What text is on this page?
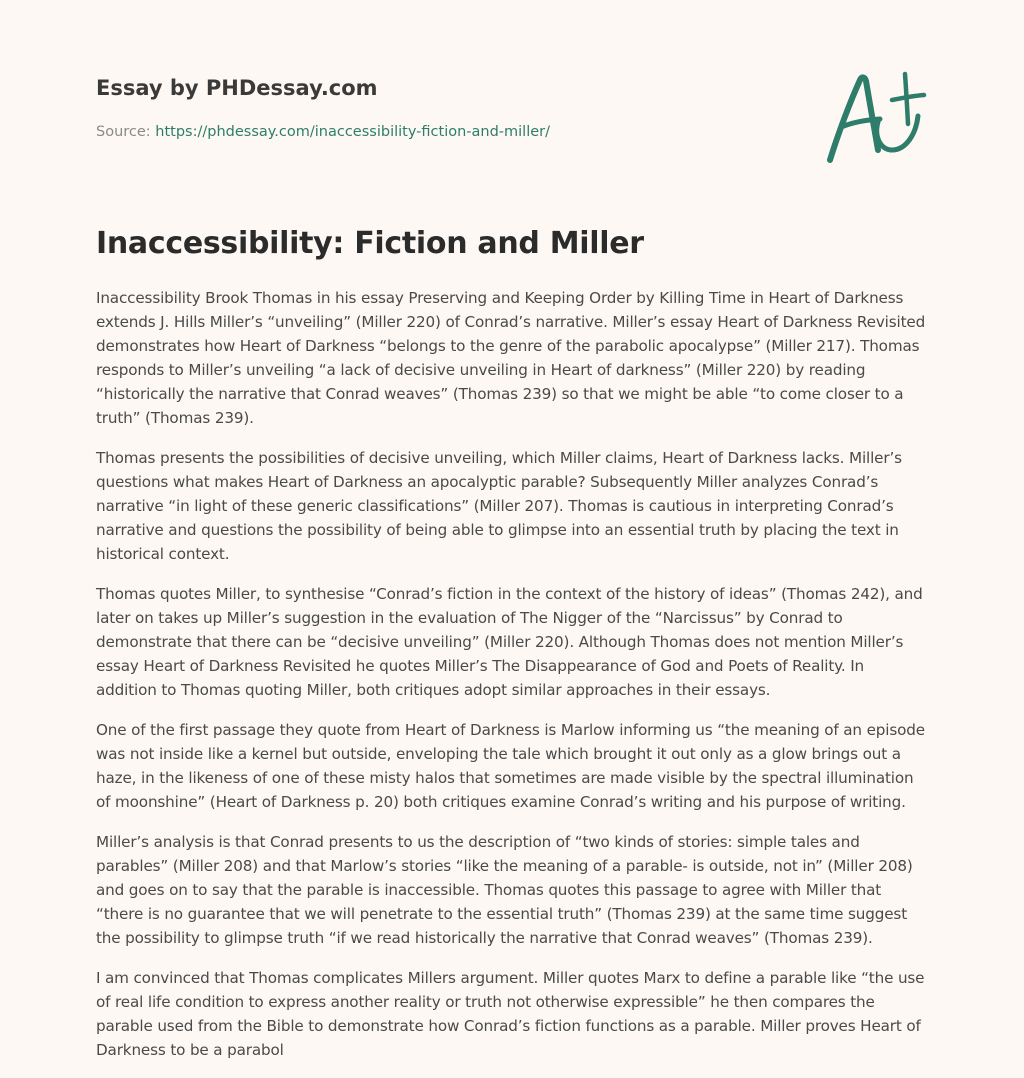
Essay by PHDessay.com
Source: https://phdessay.com/inaccessibility-fiction-and-miller/
Inaccessibility: Fiction and Miller

Inaccessibility Brook Thomas in his essay Preserving and Keeping Order by Killing Time in Heart of Darkness extends J. Hills Miller’s “unveiling” (Miller 220) of Conrad’s narrative. Miller’s essay Heart of Darkness Revisited demonstrates how Heart of Darkness “belongs to the genre of the parabolic apocalypse” (Miller 217). Thomas responds to Miller’s unveiling “a lack of decisive unveiling in Heart of darkness” (Miller 220) by reading “historically the narrative that Conrad weaves” (Thomas 239) so that we might be able “to come closer to a truth” (Thomas 239).

Thomas presents the possibilities of decisive unveiling, which Miller claims, Heart of Darkness lacks. Miller’s questions what makes Heart of Darkness an apocalyptic parable? Subsequently Miller analyzes Conrad’s narrative “in light of these generic classifications” (Miller 207). Thomas is cautious in interpreting Conrad’s narrative and questions the possibility of being able to glimpse into an essential truth by placing the text in historical context.

Thomas quotes Miller, to synthesise “Conrad’s fiction in the context of the history of ideas” (Thomas 242), and later on takes up Miller’s suggestion in the evaluation of The Nigger of the “Narcissus” by Conrad to demonstrate that there can be “decisive unveiling” (Miller 220). Although Thomas does not mention Miller’s essay Heart of Darkness Revisited he quotes Miller’s The Disappearance of God and Poets of Reality. In addition to Thomas quoting Miller, both critiques adopt similar approaches in their essays.

One of the first passage they quote from Heart of Darkness is Marlow informing us “the meaning of an episode was not inside like a kernel but outside, enveloping the tale which brought it out only as a glow brings out a haze, in the likeness of one of these misty halos that sometimes are made visible by the spectral illumination of moonshine” (Heart of Darkness p. 20) both critiques examine Conrad’s writing and his purpose of writing.

Miller’s analysis is that Conrad presents to us the description of “two kinds of stories: simple tales and parables” (Miller 208) and that Marlow’s stories “like the meaning of a parable- is outside, not in” (Miller 208) and goes on to say that the parable is inaccessible. Thomas quotes this passage to agree with Miller that “there is no guarantee that we will penetrate to the essential truth” (Thomas 239) at the same time suggest the possibility to glimpse truth “if we read historically the narrative that Conrad weaves” (Thomas 239).

I am convinced that Thomas complicates Millers argument. Miller quotes Marx to define a parable like “the use of real life condition to express another reality or truth not otherwise expressible” he then compares the parable used from the Bible to demonstrate how Conrad’s fiction functions as a parable. Miller proves Heart of Darkness to be a parabol
